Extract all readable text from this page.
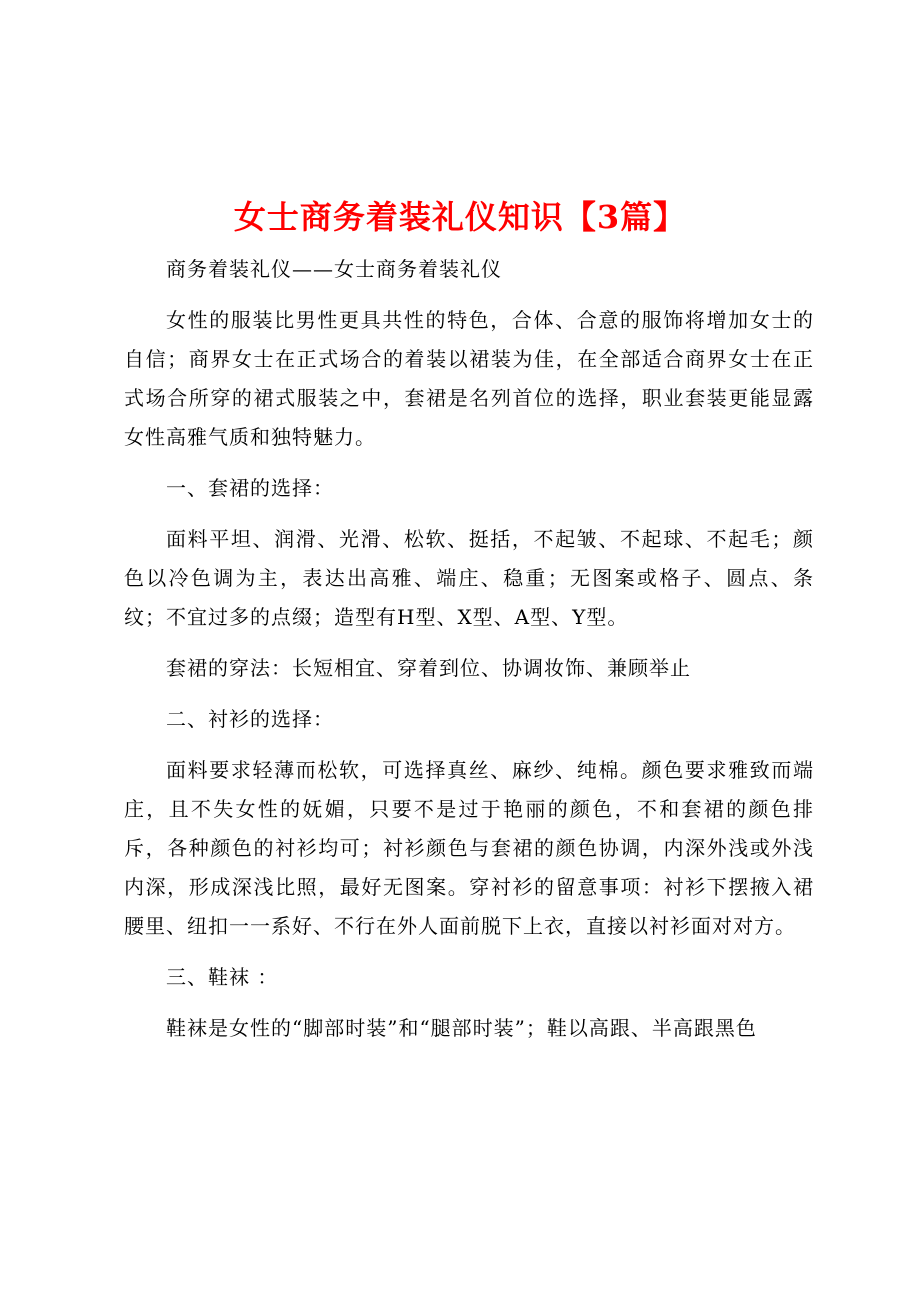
女士商务着装礼仪知识【3篇】

商务着装礼仪——女士商务着装礼仪

女性的服装比男性更具共性的特色，合体、合意的服饰将增加女士的自信；商界女士在正式场合的着装以裙装为佳，在全部适合商界女士在正式场合所穿的裙式服装之中，套裙是名列首位的选择，职业套装更能显露女性高雅气质和独特魅力。

一、套裙的选择：

面料平坦、润滑、光滑、松软、挺括，不起皱、不起球、不起毛；颜色以冷色调为主，表达出高雅、端庄、稳重；无图案或格子、圆点、条纹；不宜过多的点缀；造型有H型、X型、A型、Y型。

套裙的穿法：长短相宜、穿着到位、协调妆饰、兼顾举止

二、衬衫的选择：

面料要求轻薄而松软，可选择真丝、麻纱、纯棉。颜色要求雅致而端庄，且不失女性的妩媚，只要不是过于艳丽的颜色，不和套裙的颜色排斥，各种颜色的衬衫均可；衬衫颜色与套裙的颜色协调，内深外浅或外浅内深，形成深浅比照，最好无图案。穿衬衫的留意事项：衬衫下摆掖入裙腰里、纽扣一一系好、不行在外人面前脱下上衣，直接以衬衫面对对方。

三、鞋袜 ：

鞋袜是女性的“脚部时装”和“腿部时装”；鞋以高跟、半高跟黑色
